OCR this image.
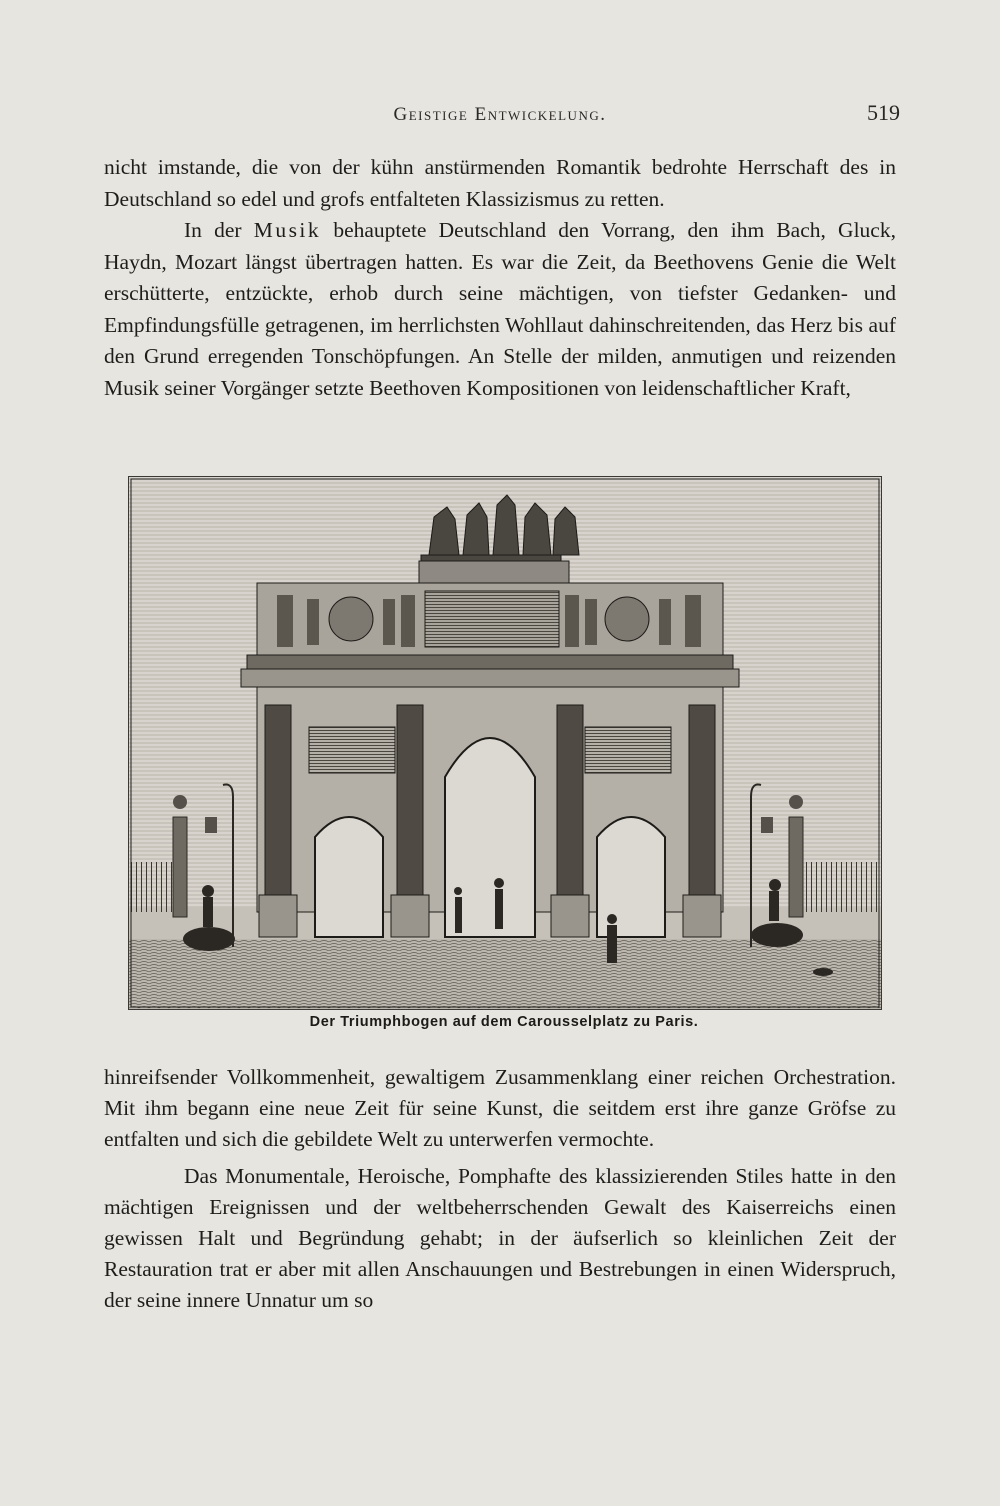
Geistige Entwickelung.	519

nicht imstande, die von der kühn anstürmenden Romantik bedrohte Herrschaft des in Deutschland so edel und grofs entfalteten Klassizismus zu retten.

In der Musik behauptete Deutschland den Vorrang, den ihm Bach, Gluck, Haydn, Mozart längst übertragen hatten. Es war die Zeit, da Beethovens Genie die Welt erschütterte, entzückte, erhob durch seine mächtigen, von tiefster Gedanken- und Empfindungsfülle getragenen, im herrlichsten Wohllaut dahinschreitenden, das Herz bis auf den Grund erregenden Tonschöpfungen. An Stelle der milden, anmutigen und reizenden Musik seiner Vorgänger setzte Beethoven Kompositionen von leidenschaftlicher Kraft,

Der Triumphbogen auf dem Carousselplatz zu Paris.

hinreifsender Vollkommenheit, gewaltigem Zusammenklang einer reichen Orchestration. Mit ihm begann eine neue Zeit für seine Kunst, die seitdem erst ihre ganze Gröfse zu entfalten und sich die gebildete Welt zu unterwerfen vermochte.

Das Monumentale, Heroische, Pomphafte des klassizierenden Stiles hatte in den mächtigen Ereignissen und der weltbeherrschenden Gewalt des Kaiserreichs einen gewissen Halt und Begründung gehabt; in der äufserlich so kleinlichen Zeit der Restauration trat er aber mit allen Anschauungen und Bestrebungen in einen Widerspruch, der seine innere Unnatur um so
